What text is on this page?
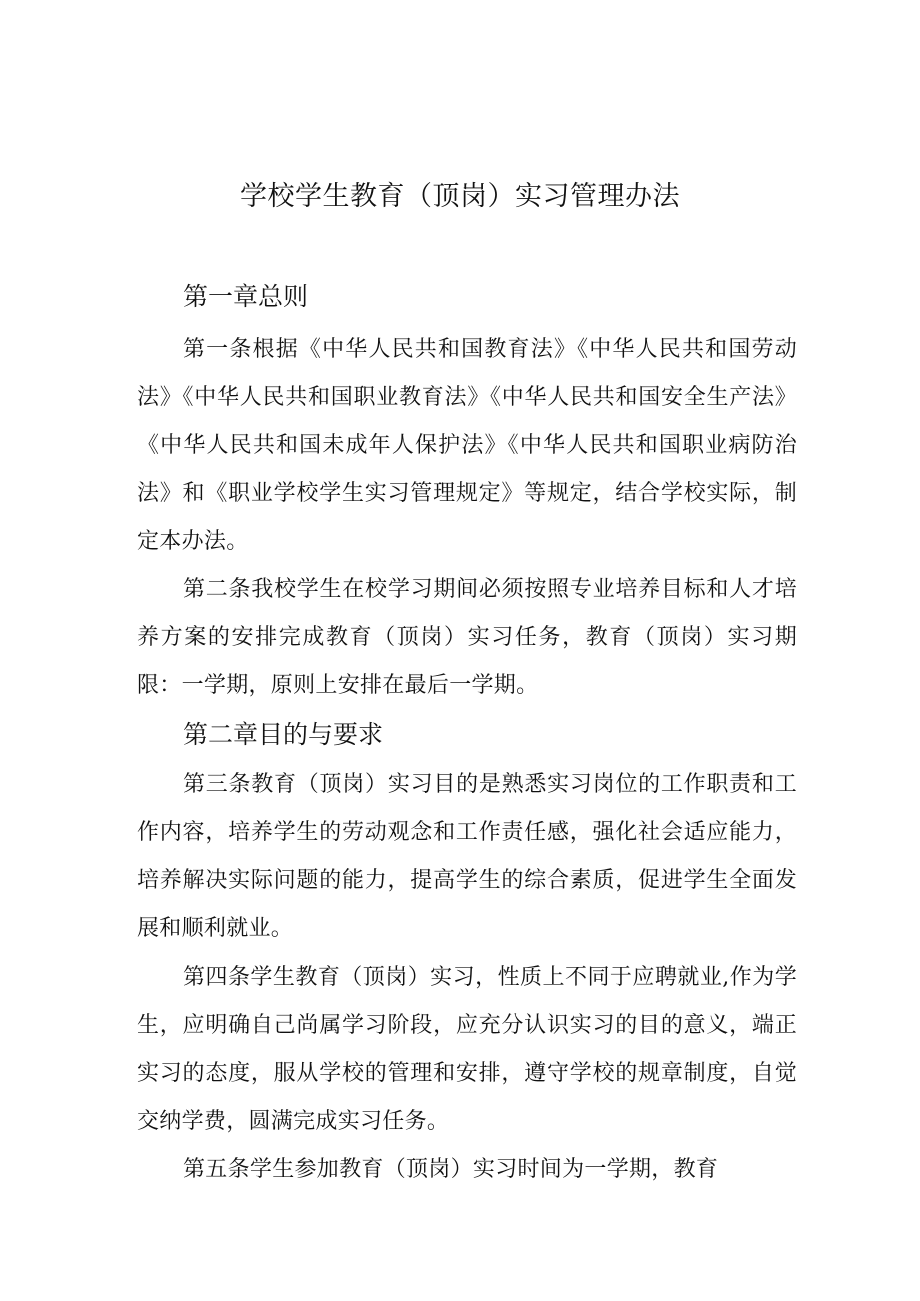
学校学生教育（顶岗）实习管理办法
第一章总则
第一条根据《中华人民共和国教育法》《中华人民共和国劳动法》《中华人民共和国职业教育法》《中华人民共和国安全生产法》《中华人民共和国未成年人保护法》《中华人民共和国职业病防治法》和《职业学校学生实习管理规定》等规定，结合学校实际，制定本办法。
第二条我校学生在校学习期间必须按照专业培养目标和人才培养方案的安排完成教育（顶岗）实习任务，教育（顶岗）实习期限：一学期，原则上安排在最后一学期。
第二章目的与要求
第三条教育（顶岗）实习目的是熟悉实习岗位的工作职责和工作内容，培养学生的劳动观念和工作责任感，强化社会适应能力，培养解决实际问题的能力，提高学生的综合素质，促进学生全面发展和顺利就业。
第四条学生教育（顶岗）实习，性质上不同于应聘就业,作为学生，应明确自己尚属学习阶段，应充分认识实习的目的意义，端正实习的态度，服从学校的管理和安排，遵守学校的规章制度，自觉交纳学费，圆满完成实习任务。
第五条学生参加教育（顶岗）实习时间为一学期，教育
